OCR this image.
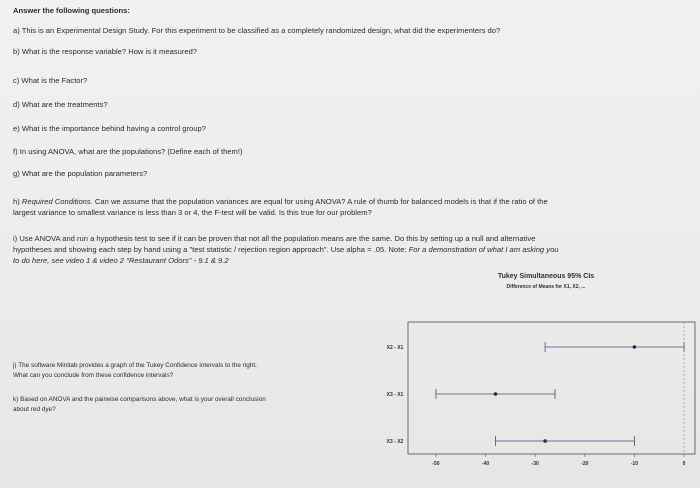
Answer the following questions:
a) This is an Experimental Design Study. For this experiment to be classified as a completely randomized design, what did the experimenters do?
b) What is the response variable? How is it measured?
c) What is the Factor?
d) What are the treatments?
e) What is the importance behind having a control group?
f) In using ANOVA, what are the populations? (Define each of them!)
g) What are the population parameters?
h) Required Conditions. Can we assume that the population variances are equal for using ANOVA? A rule of thumb for balanced models is that if the ratio of the
largest variance to smallest variance is less than 3 or 4, the F-test will be valid. Is this true for our problem?
i) Use ANOVA and run a hypothesis test to see if it can be proven that not all the population means are the same. Do this by setting up a null and alternative
hypotheses and showing each step by hand using a "test statistic / rejection region approach". Use alpha = .05. Note: For a demonstration of what I am asking you
to do here, see video 1 & video 2 "Restaurant Odors" - 9.1 & 9.2
j) The software Minitab provides a graph of the Tukey Confidence intervals to the right.
What can you conclude from these confidence intervals?
k) Based on ANOVA and the pairwise comparisons above, what is your overall conclusion
about red dye?
Tukey Simultaneous 95% CIs
Difference of Means for X1, X2, ...
X2 - X1
X3 - X1
X3 - X2
-50	-40	-30	-20	-10	0
